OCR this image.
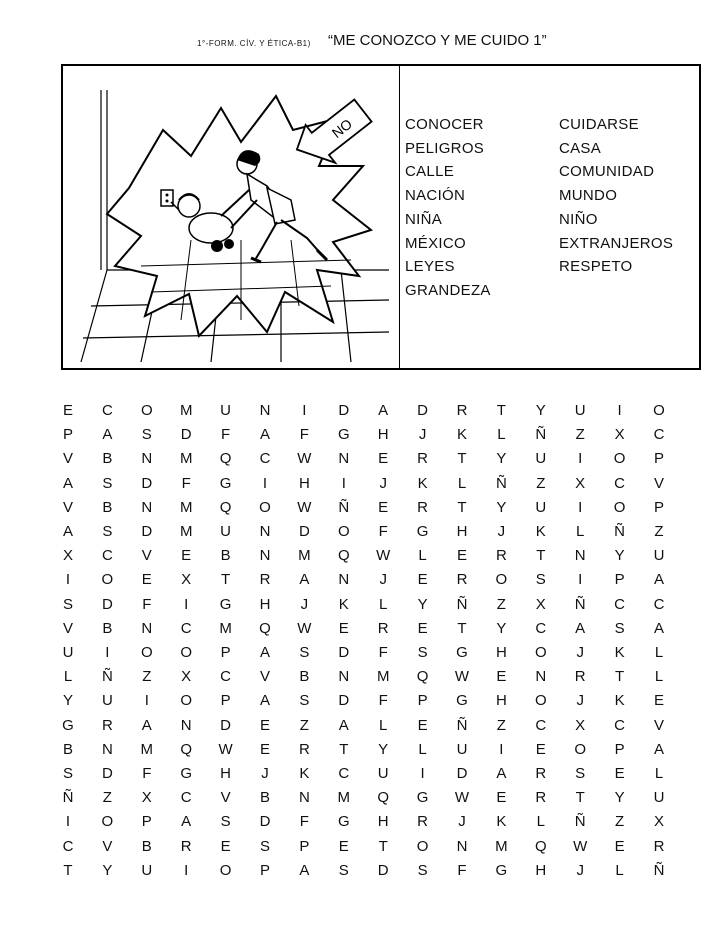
1°-FORM. CÍV. Y ÉTICA-B1) “ME CONOZCO Y ME CUIDO 1”
NO	CONOCER
PELIGROS
CALLE
NACIÓN
NIÑA
MÉXICO
LEYES
GRANDEZA
CUIDARSE
CASA
COMUNIDAD
MUNDO
NIÑO
EXTRANJEROS
RESPETO
E	C	O	M	U	N	I	D	A	D	R	T	Y	U	I	O
P	A	S	D	F	A	F	G	H	J	K	L	Ñ	Z	X	C
V	B	N	M	Q	C	W	N	E	R	T	Y	U	I	O	P
A	S	D	F	G	I	H	I	J	K	L	Ñ	Z	X	C	V
V	B	N	M	Q	O	W	Ñ	E	R	T	Y	U	I	O	P
A	S	D	M	U	N	D	O	F	G	H	J	K	L	Ñ	Z
X	C	V	E	B	N	M	Q	W	L	E	R	T	N	Y	U
I	O	E	X	T	R	A	N	J	E	R	O	S	I	P	A
S	D	F	I	G	H	J	K	L	Y	Ñ	Z	X	Ñ	C	C
V	B	N	C	M	Q	W	E	R	E	T	Y	C	A	S	A
U	I	O	O	P	A	S	D	F	S	G	H	O	J	K	L
L	Ñ	Z	X	C	V	B	N	M	Q	W	E	N	R	T	L
Y	U	I	O	P	A	S	D	F	P	G	H	O	J	K	E
G	R	A	N	D	E	Z	A	L	E	Ñ	Z	C	X	C	V
B	N	M	Q	W	E	R	T	Y	L	U	I	E	O	P	A
S	D	F	G	H	J	K	C	U	I	D	A	R	S	E	L
Ñ	Z	X	C	V	B	N	M	Q	G	W	E	R	T	Y	U
I	O	P	A	S	D	F	G	H	R	J	K	L	Ñ	Z	X
C	V	B	R	E	S	P	E	T	O	N	M	Q	W	E	R
T	Y	U	I	O	P	A	S	D	S	F	G	H	J	L	Ñ
